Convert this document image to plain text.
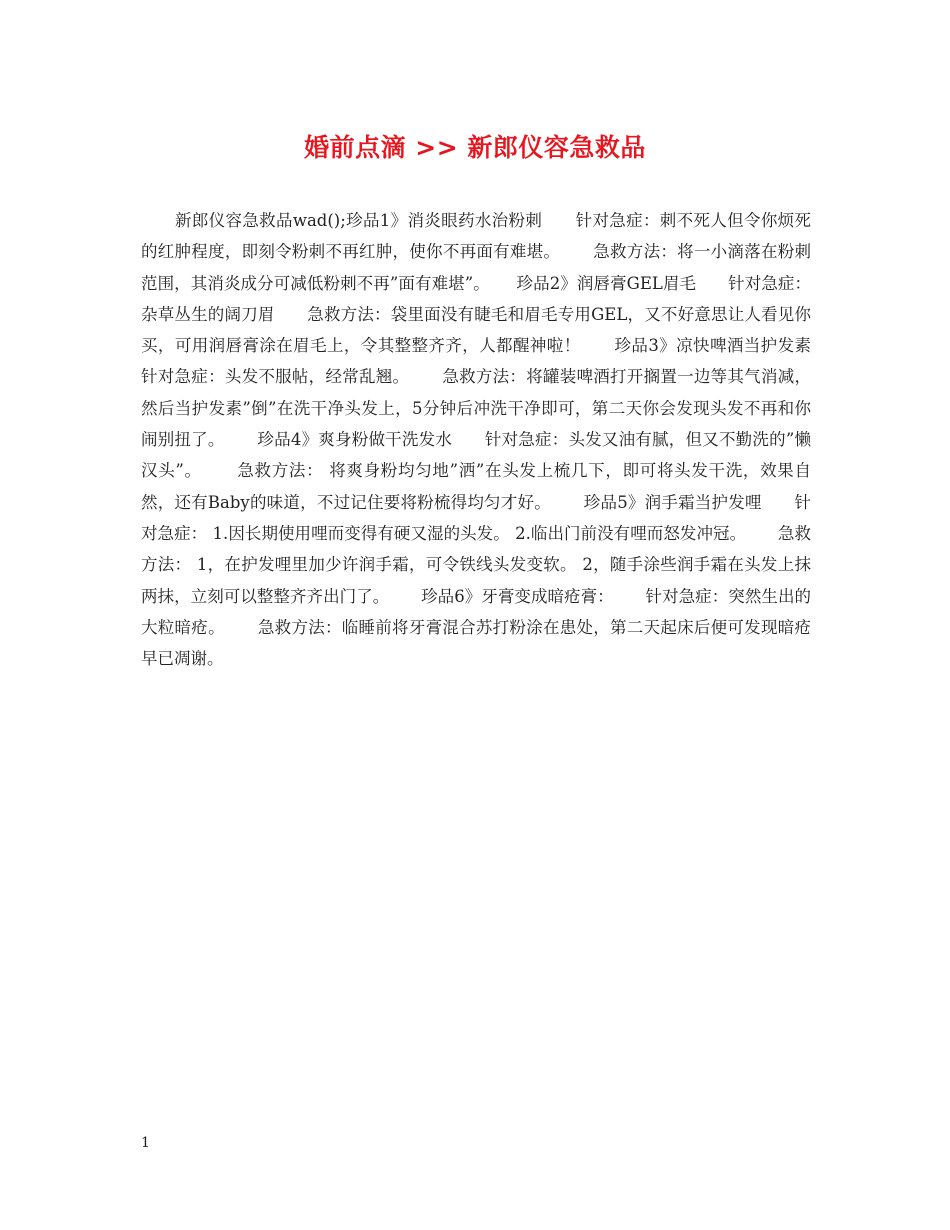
婚前点滴 >> 新郎仪容急救品

新郎仪容急救品wad();珍品1》消炎眼药水治粉刺      针对急症：刺不死人但令你烦死的红肿程度，即刻令粉刺不再红肿，使你不再面有难堪。      急救方法：将一小滴落在粉刺范围，其消炎成分可减低粉刺不再”面有难堪”。     珍品2》润唇膏GEL眉毛      针对急症：杂草丛生的阔刀眉      急救方法：袋里面没有睫毛和眉毛专用GEL，又不好意思让人看见你买，可用润唇膏涂在眉毛上，令其整整齐齐，人都醒神啦！      珍品3》凉快啤酒当护发素      针对急症：头发不服帖，经常乱翘。      急救方法：将罐装啤酒打开搁置一边等其气消减，然后当护发素”倒”在洗干净头发上，5分钟后冲洗干净即可，第二天你会发现头发不再和你闹别扭了。      珍品4》爽身粉做干洗发水      针对急症：头发又油有腻，但又不勤洗的”懒汉头”。      急救方法： 将爽身粉均匀地”洒”在头发上梳几下，即可将头发干洗，效果自然，还有Baby的味道，不过记住要将粉梳得均匀才好。      珍品5》润手霜当护发哩      针对急症： 1.因长期使用哩而变得有硬又湿的头发。 2.临出门前没有哩而怒发冲冠。      急救方法： 1，在护发哩里加少许润手霜，可令铁线头发变软。 2，随手涂些润手霜在头发上抹两抹，立刻可以整整齐齐出门了。      珍品6》牙膏变成暗疮膏：      针对急症：突然生出的大粒暗疮。      急救方法：临睡前将牙膏混合苏打粉涂在患处，第二天起床后便可发现暗疮早已凋谢。

1
